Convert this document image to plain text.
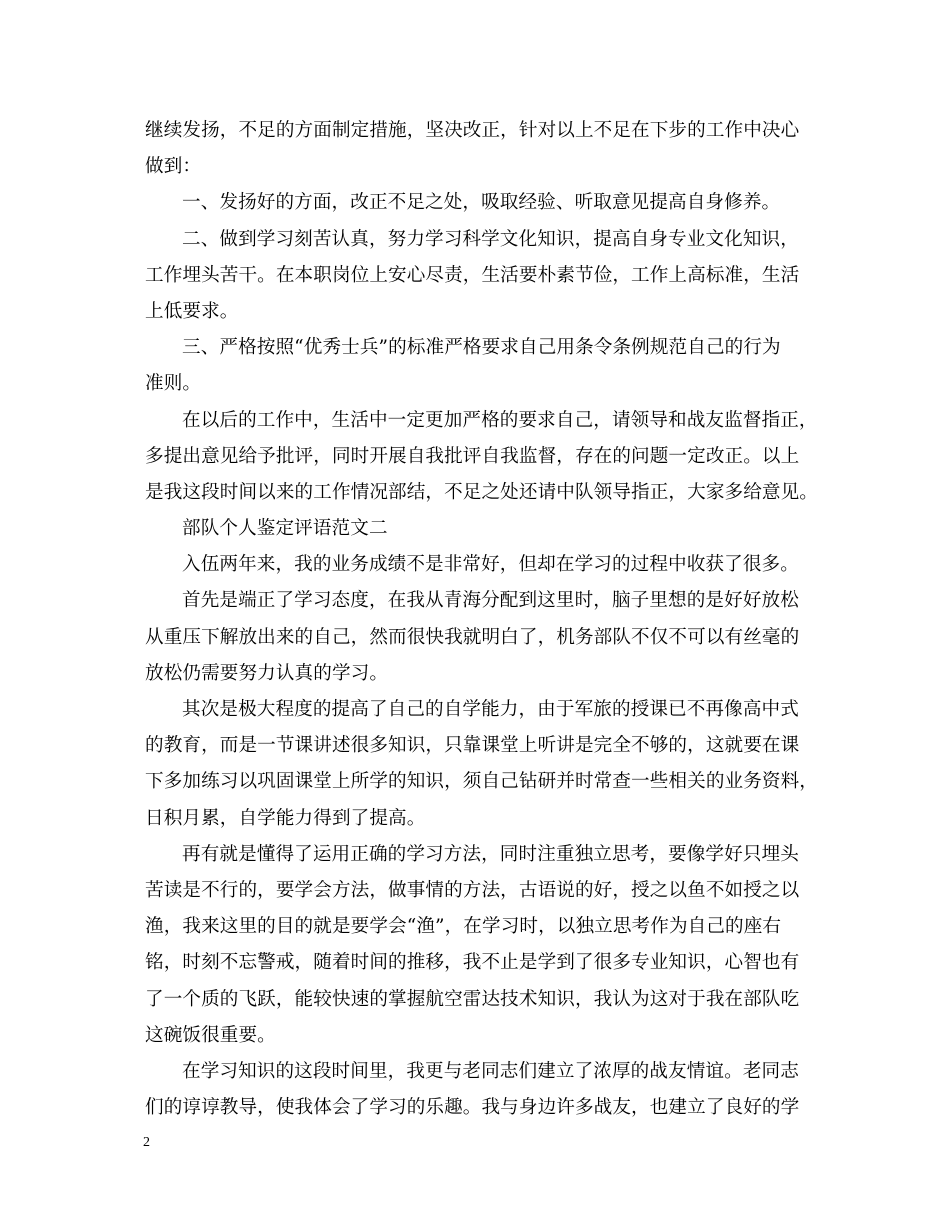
继续发扬，不足的方面制定措施，坚决改正，针对以上不足在下步的工作中决心
做到：
一、发扬好的方面，改正不足之处，吸取经验、听取意见提高自身修养。
二、做到学习刻苦认真，努力学习科学文化知识，提高自身专业文化知识，
工作埋头苦干。在本职岗位上安心尽责，生活要朴素节俭，工作上高标准，生活
上低要求。
三、严格按照“优秀士兵”的标准严格要求自己用条令条例规范自己的行为
准则。
在以后的工作中，生活中一定更加严格的要求自己，请领导和战友监督指正，
多提出意见给予批评，同时开展自我批评自我监督，存在的问题一定改正。以上
是我这段时间以来的工作情况部结，不足之处还请中队领导指正，大家多给意见。
部队个人鉴定评语范文二
入伍两年来，我的业务成绩不是非常好，但却在学习的过程中收获了很多。
首先是端正了学习态度，在我从青海分配到这里时，脑子里想的是好好放松
从重压下解放出来的自己，然而很快我就明白了，机务部队不仅不可以有丝毫的
放松仍需要努力认真的学习。
其次是极大程度的提高了自己的自学能力，由于军旅的授课已不再像高中式
的教育，而是一节课讲述很多知识，只靠课堂上听讲是完全不够的，这就要在课
下多加练习以巩固课堂上所学的知识，须自己钻研并时常查一些相关的业务资料，
日积月累，自学能力得到了提高。
再有就是懂得了运用正确的学习方法，同时注重独立思考，要像学好只埋头
苦读是不行的，要学会方法，做事情的方法，古语说的好，授之以鱼不如授之以
渔，我来这里的目的就是要学会“渔”，在学习时，以独立思考作为自己的座右
铭，时刻不忘警戒，随着时间的推移，我不止是学到了很多专业知识，心智也有
了一个质的飞跃，能较快速的掌握航空雷达技术知识，我认为这对于我在部队吃
这碗饭很重要。
在学习知识的这段时间里，我更与老同志们建立了浓厚的战友情谊。老同志
们的谆谆教导，使我体会了学习的乐趣。我与身边许多战友，也建立了良好的学
2
